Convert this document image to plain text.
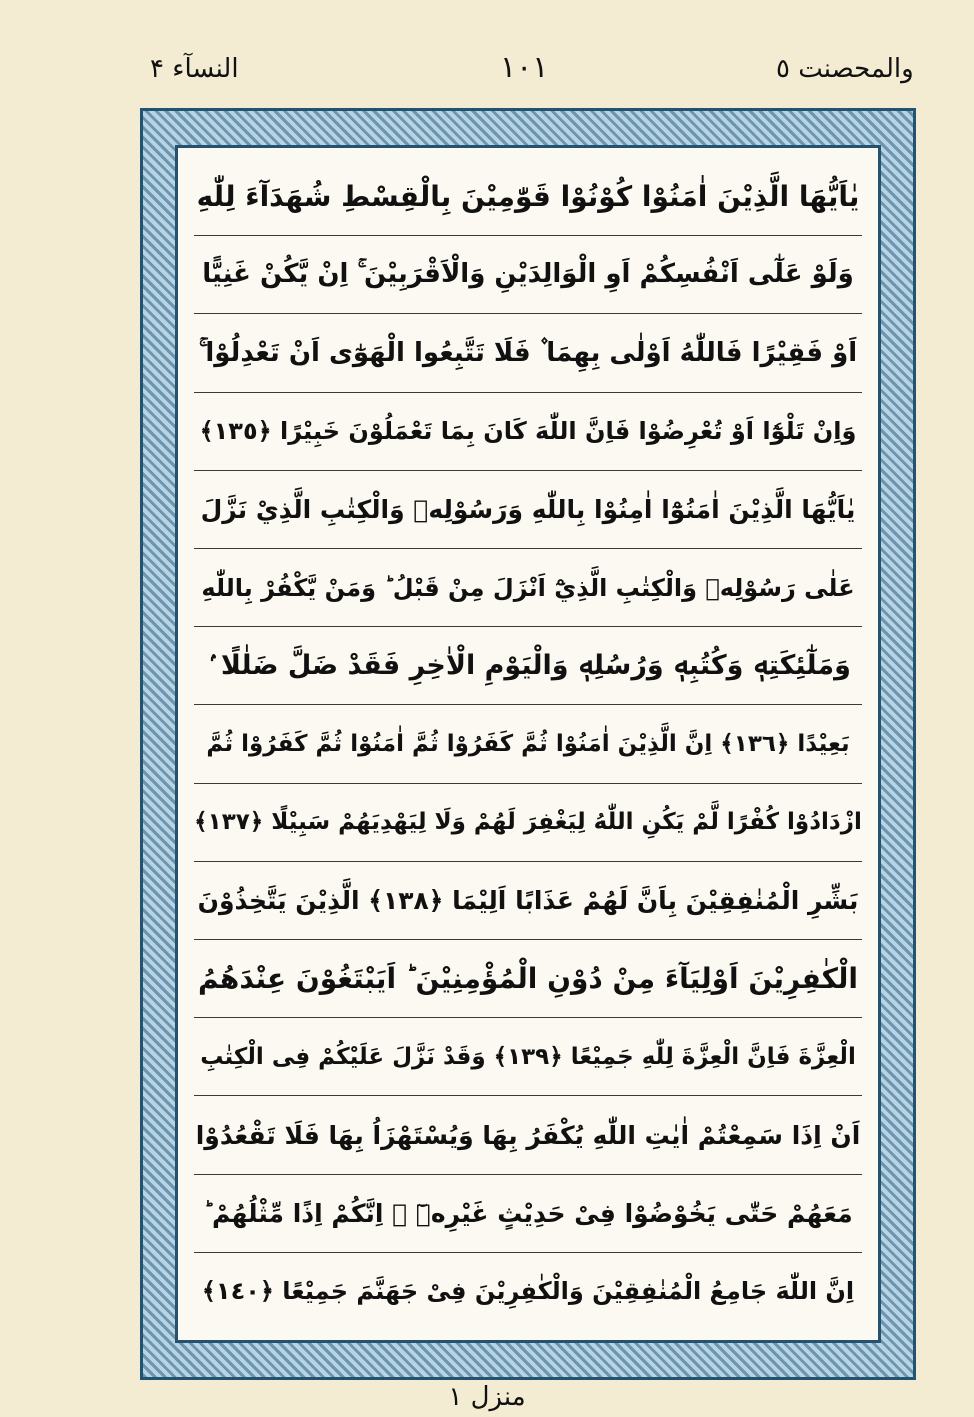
النسآء ۴	١٠١	والمحصنت ٥
يٰاَيُّهَا الَّذِيْنَ اٰمَنُوْا كُوْنُوْا قَوّٰمِيْنَ بِالْقِسْطِ شُهَدَآءَ لِلّٰهِ
وَلَوْ عَلٰٓى اَنْفُسِكُمْ اَوِ الْوَالِدَيْنِ وَالْاَقْرَبِيْنَ ۚ اِنْ يَّكُنْ غَنِيًّا
اَوْ فَقِيْرًا فَاللّٰهُ اَوْلٰى بِهِمَا ۫ فَلَا تَتَّبِعُوا الْهَوٰٓى اَنْ تَعْدِلُوْا ۚ
وَاِنْ تَلْوٗٓا اَوْ تُعْرِضُوْا فَاِنَّ اللّٰهَ كَانَ بِمَا تَعْمَلُوْنَ خَبِيْرًا ﴿١٣٥﴾
يٰاَيُّهَا الَّذِيْنَ اٰمَنُوْٓا اٰمِنُوْا بِاللّٰهِ وَرَسُوْلِهٖ وَالْكِتٰبِ الَّذِيْ نَزَّلَ
عَلٰى رَسُوْلِهٖ وَالْكِتٰبِ الَّذِيْٓ اَنْزَلَ مِنْ قَبْلُ ؕ وَمَنْ يَّكْفُرْ بِاللّٰهِ
وَمَلٰٓئِكَتِهٖ وَكُتُبِهٖ وَرُسُلِهٖ وَالْيَوْمِ الْاٰخِرِ فَقَدْ ضَلَّ ضَلٰلًا ۢ
بَعِيْدًا ﴿١٣٦﴾ اِنَّ الَّذِيْنَ اٰمَنُوْا ثُمَّ كَفَرُوْا ثُمَّ اٰمَنُوْا ثُمَّ كَفَرُوْا ثُمَّ
ازْدَادُوْا كُفْرًا لَّمْ يَكُنِ اللّٰهُ لِيَغْفِرَ لَهُمْ وَلَا لِيَهْدِيَهُمْ سَبِيْلًا ﴿١٣٧﴾
بَشِّرِ الْمُنٰفِقِيْنَ بِاَنَّ لَهُمْ عَذَابًا اَلِيْمَا ﴿١٣٨﴾ الَّذِيْنَ يَتَّخِذُوْنَ
الْكٰفِرِيْنَ اَوْلِيَآءَ مِنْ دُوْنِ الْمُؤْمِنِيْنَ ؕ اَيَبْتَغُوْنَ عِنْدَهُمُ
الْعِزَّةَ فَاِنَّ الْعِزَّةَ لِلّٰهِ جَمِيْعًا ﴿١٣٩﴾ وَقَدْ نَزَّلَ عَلَيْكُمْ فِى الْكِتٰبِ
اَنْ اِذَا سَمِعْتُمْ اٰيٰتِ اللّٰهِ يُكْفَرُ بِهَا وَيُسْتَهْزَاُ بِهَا فَلَا تَقْعُدُوْا
مَعَهُمْ حَتّٰى يَخُوْضُوْا فِىْ حَدِيْثٍ غَيْرِهٖٓ ۖ اِنَّكُمْ اِذًا مِّثْلُهُمْ ؕ
اِنَّ اللّٰهَ جَامِعُ الْمُنٰفِقِيْنَ وَالْكٰفِرِيْنَ فِىْ جَهَنَّمَ جَمِيْعًا ﴿١٤٠﴾
منزل ١
